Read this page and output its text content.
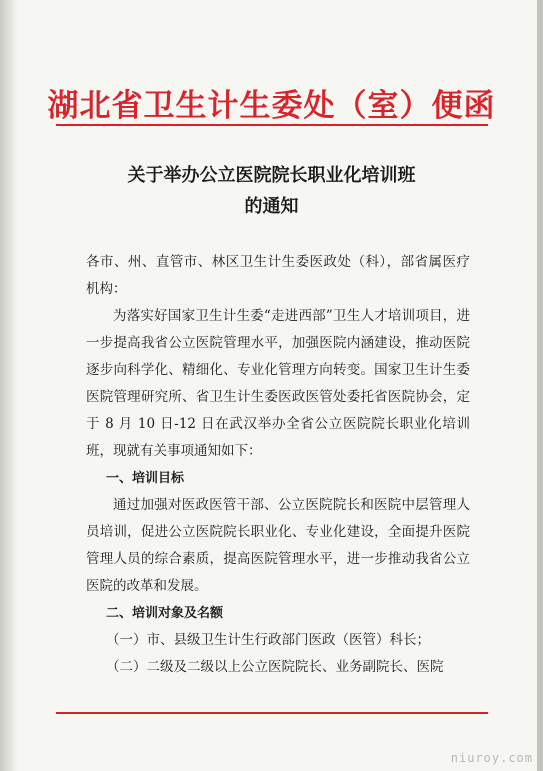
湖北省卫生计生委处（室）便函
关于举办公立医院院长职业化培训班
的通知

各市、州、直管市、林区卫生计生委医政处（科），部省属医疗机构：

为落实好国家卫生计生委“走进西部”卫生人才培训项目，进一步提高我省公立医院管理水平，加强医院内涵建设，推动医院逐步向科学化、精细化、专业化管理方向转变。国家卫生计生委医院管理研究所、省卫生计生委医政医管处委托省医院协会，定于 8 月 10 日-12 日在武汉举办全省公立医院院长职业化培训班，现就有关事项通知如下：

一、培训目标

通过加强对医政医管干部、公立医院院长和医院中层管理人员培训，促进公立医院院长职业化、专业化建设，全面提升医院管理人员的综合素质，提高医院管理水平，进一步推动我省公立医院的改革和发展。

二、培训对象及名额

（一）市、县级卫生计生行政部门医政（医管）科长；

（二）二级及二级以上公立医院院长、业务副院长、医院

niuroy.com
